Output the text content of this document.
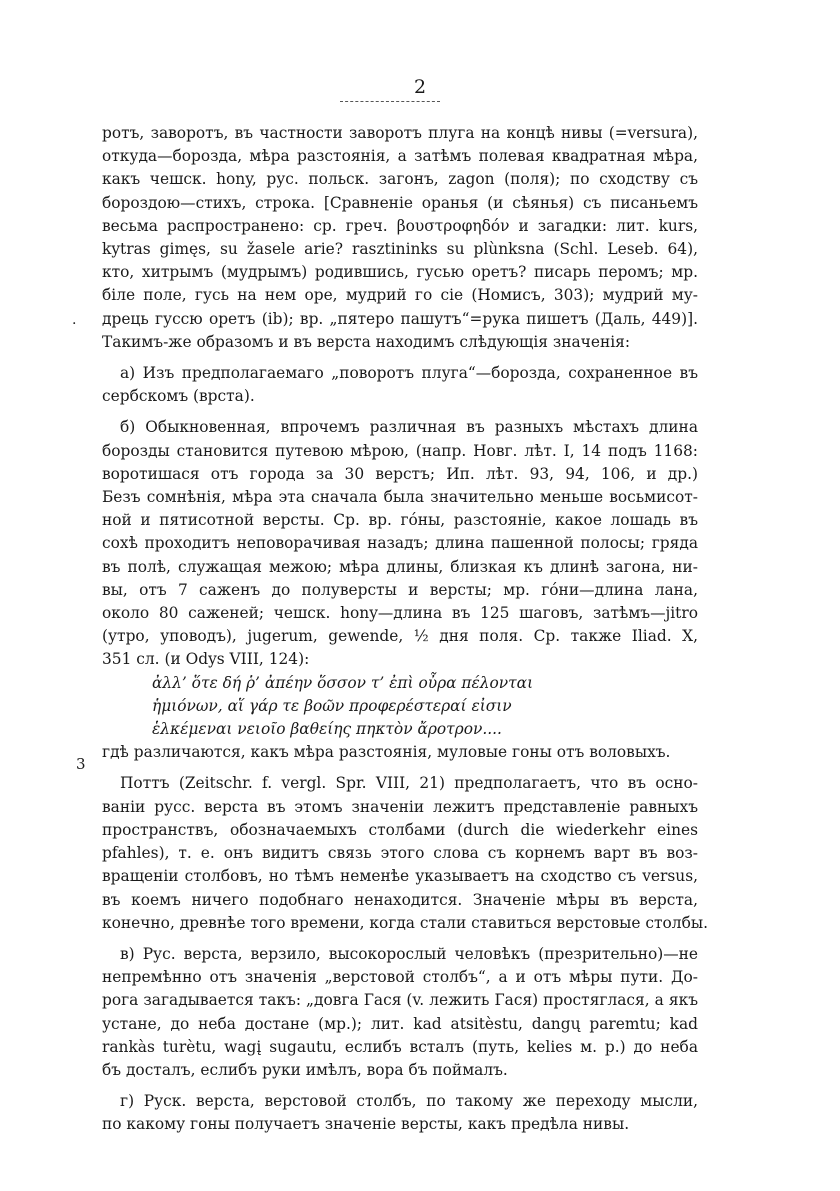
2
.
3
ротъ, заворотъ, въ частности заворотъ плуга на концѣ нивы (=versura),
откуда—борозда, мѣра разстоянія, а затѣмъ полевая квадратная мѣра,
какъ чешск. hony, рус. польск. загонъ, zagon (поля); по сходству съ
бороздою—стихъ, строка. [Сравненіе оранья (и сѣянья) съ писаньемъ
весьма распространено: ср. греч. βουστροφηδόν и загадки: лит. kurs,
kytras gimęs, su žasele arie? rasztininks su plùnksna (Schl. Leseb. 64),
кто, хитрымъ (мудрымъ) родившись, гусью оретъ? писарь перомъ; мр.
біле поле, гусь на нем оре, мудрий го сіе (Номисъ, 303); мудрий му-
дрець гуссю оретъ (ib); вр. „пятеро пашутъ“=рука пишетъ (Даль, 449)].
Такимъ-же образомъ и въ верста находимъ слѣдующія значенія:
а) Изъ предполагаемаго „поворотъ плуга“—борозда, сохраненное въ
сербскомъ (врста).
б) Обыкновенная, впрочемъ различная въ разныхъ мѣстахъ длина
борозды становится путевою мѣрою, (напр. Новг. лѣт. I, 14 подъ 1168:
воротишася отъ города за 30 верстъ; Ип. лѣт. 93, 94, 106, и др.)
Безъ сомнѣнія, мѣра эта сначала была значительно меньше восьмисот-
ной и пятисотной версты. Ср. вр. гóны, разстояніе, какое лошадь въ
сохѣ проходитъ неповорачивая назадъ; длина пашенной полосы; гряда
въ полѣ, служащая межою; мѣра длины, близкая къ длинѣ загона, ни-
вы, отъ 7 саженъ до полуверсты и версты; мр. гóни—длина лана,
около 80 саженей; чешск. hony—длина въ 125 шаговъ, затѣмъ—jitro
(утро, уповодъ), jugerum, gewende, ½ дня поля. Ср. также Iliad. X,
351 сл. (и Odys VIII, 124):
ἀλλ’ ὅτε δή ῥ’ ἀπέην ὅσσον τ’ ἐπὶ οὖρα πέλονται
ἡμιόνων, αἵ γάρ τε βοῶν προφερέστεραί εἰσιν
ἑλκέμεναι νειοῖο βαθείης πηκτὸν ἄροτρον....
гдѣ различаются, какъ мѣра разстоянія, муловые гоны отъ воловыхъ.
Поттъ (Zeitschr. f. vergl. Spr. VIII, 21) предполагаетъ, что въ осно-
ваніи русс. верста въ этомъ значеніи лежитъ представленіе равныхъ
пространствъ, обозначаемыхъ столбами (durch die wiederkehr eines
pfahles), т. е. онъ видитъ связь этого слова съ корнемъ варт въ воз-
вращеніи столбовъ, но тѣмъ неменѣе указываетъ на сходство съ versus,
въ коемъ ничего подобнаго ненаходится. Значеніе мѣры въ верста,
конечно, древнѣе того времени, когда стали ставиться верстовые столбы.
в) Рус. верста, верзило, высокорослый человѣкъ (презрительно)—не
непремѣнно отъ значенія „верстовой столбъ“, а и отъ мѣры пути. До-
рога загадывается такъ: „довга Гася (v. лежить Гася) простяглася, а якъ
устане, до неба достане (мр.); лит. kad atsitèstu, dangų paremtu; kad
rankàs turètu, wagį sugautu, еслибъ всталъ (путь, kelies м. р.) до неба
бъ досталъ, еслибъ руки имѣлъ, вора бъ поймалъ.
г) Руск. верста, верстовой столбъ, по такому же переходу мысли,
по какому гоны получаетъ значеніе версты, какъ предѣла нивы.
